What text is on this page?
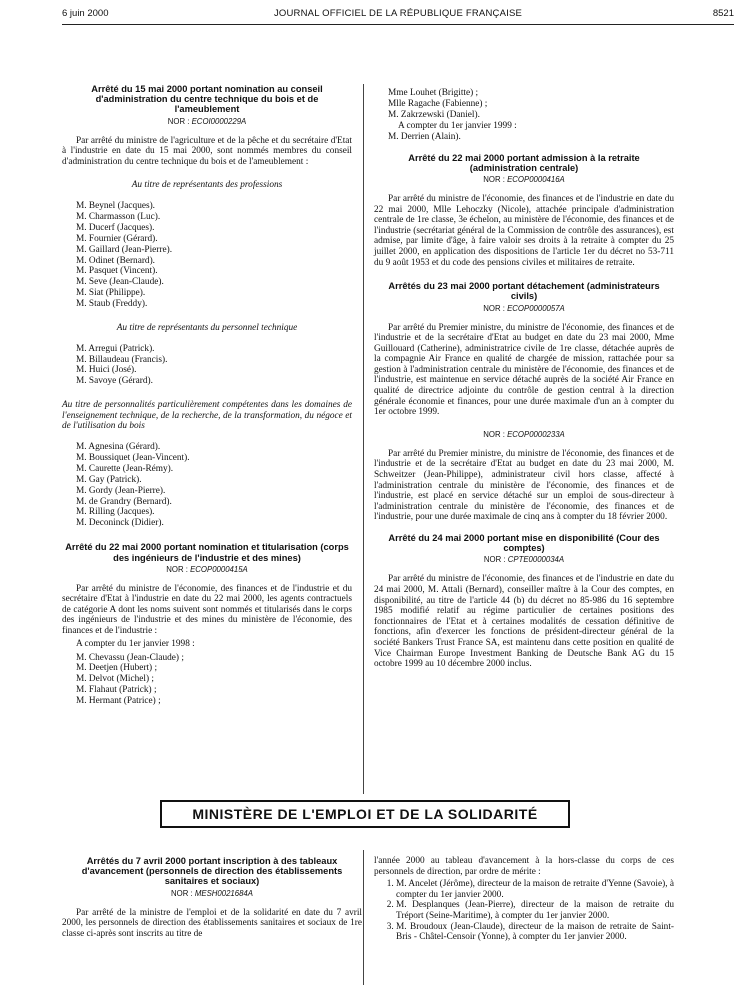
6 juin 2000	JOURNAL OFFICIEL DE LA RÉPUBLIQUE FRANÇAISE	8521
Arrêté du 15 mai 2000 portant nomination au conseil d'administration du centre technique du bois et de l'ameublement
NOR : ECOI0000229A

Par arrêté du ministre de l'agriculture et de la pêche et du secrétaire d'Etat à l'industrie en date du 15 mai 2000, sont nommés membres du conseil d'administration du centre technique du bois et de l'ameublement :

Au titre de représentants des professions
M. Beynel (Jacques).
M. Charmasson (Luc).
M. Ducerf (Jacques).
M. Fournier (Gérard).
M. Gaillard (Jean-Pierre).
M. Odinet (Bernard).
M. Pasquet (Vincent).
M. Seve (Jean-Claude).
M. Siat (Philippe).
M. Staub (Freddy).
Au titre de représentants du personnel technique
M. Arregui (Patrick).
M. Billaudeau (Francis).
M. Huici (José).
M. Savoye (Gérard).
Au titre de personnalités particulièrement compétentes dans les domaines de l'enseignement technique, de la recherche, de la transformation, du négoce et de l'utilisation du bois
M. Agnesina (Gérard).
M. Boussiquet (Jean-Vincent).
M. Caurette (Jean-Rémy).
M. Gay (Patrick).
M. Gordy (Jean-Pierre).
M. de Grandry (Bernard).
M. Rilling (Jacques).
M. Deconinck (Didier).
Arrêté du 22 mai 2000 portant nomination et titularisation (corps des ingénieurs de l'industrie et des mines)
NOR : ECOP0000415A

Par arrêté du ministre de l'économie, des finances et de l'industrie et du secrétaire d'Etat à l'industrie en date du 22 mai 2000, les agents contractuels de catégorie A dont les noms suivent sont nommés et titularisés dans le corps des ingénieurs de l'industrie et des mines du ministère de l'économie, des finances et de l'industrie :

A compter du 1er janvier 1998 :
M. Chevassu (Jean-Claude) ;
M. Deetjen (Hubert) ;
M. Delvot (Michel) ;
M. Flahaut (Patrick) ;
M. Hermant (Patrice) ;
Mme Louhet (Brigitte) ;
Mlle Ragache (Fabienne) ;
M. Zakrzewski (Daniel).
A compter du 1er janvier 1999 :
M. Derrien (Alain).
Arrêté du 22 mai 2000 portant admission à la retraite (administration centrale)
NOR : ECOP0000416A

Par arrêté du ministre de l'économie, des finances et de l'industrie en date du 22 mai 2000, Mlle Lehoczky (Nicole), attachée principale d'administration centrale de 1re classe, 3e échelon, au ministère de l'économie, des finances et de l'industrie (secrétariat général de la Commission de contrôle des assurances), est admise, par limite d'âge, à faire valoir ses droits à la retraite à compter du 25 juillet 2000, en application des dispositions de l'article 1er du décret no 53-711 du 9 août 1953 et du code des pensions civiles et militaires de retraite.

Arrêtés du 23 mai 2000 portant détachement (administrateurs civils)
NOR : ECOP0000057A

Par arrêté du Premier ministre, du ministre de l'économie, des finances et de l'industrie et de la secrétaire d'Etat au budget en date du 23 mai 2000, Mme Guillouard (Catherine), administratrice civile de 1re classe, détachée auprès de la compagnie Air France en qualité de chargée de mission, rattachée pour sa gestion à l'administration centrale du ministère de l'économie, des finances et de l'industrie, est maintenue en service détaché auprès de la société Air France en qualité de directrice adjointe du contrôle de gestion central à la direction générale économie et finances, pour une durée maximale d'un an à compter du 1er octobre 1999.

NOR : ECOP0000233A

Par arrêté du Premier ministre, du ministre de l'économie, des finances et de l'industrie et de la secrétaire d'Etat au budget en date du 23 mai 2000, M. Schweitzer (Jean-Philippe), administrateur civil hors classe, affecté à l'administration centrale du ministère de l'économie, des finances et de l'industrie, est placé en service détaché sur un emploi de sous-directeur à l'administration centrale du ministère de l'économie, des finances et de l'industrie, pour une durée maximale de cinq ans à compter du 18 février 2000.

Arrêté du 24 mai 2000 portant mise en disponibilité (Cour des comptes)
NOR : CPTE0000034A

Par arrêté du ministre de l'économie, des finances et de l'industrie en date du 24 mai 2000, M. Attali (Bernard), conseiller maître à la Cour des comptes, en disponibilité, au titre de l'article 44 (b) du décret no 85-986 du 16 septembre 1985 modifié relatif au régime particulier de certaines positions des fonctionnaires de l'Etat et à certaines modalités de cessation définitive de fonctions, afin d'exercer les fonctions de président-directeur général de la société Bankers Trust France SA, est maintenu dans cette position en qualité de Vice Chairman Europe Investment Banking de Deutsche Bank AG du 15 octobre 1999 au 10 décembre 2000 inclus.

MINISTÈRE DE L'EMPLOI ET DE LA SOLIDARITÉ
Arrêtés du 7 avril 2000 portant inscription à des tableaux d'avancement (personnels de direction des établissements sanitaires et sociaux)
NOR : MESH0021684A

Par arrêté de la ministre de l'emploi et de la solidarité en date du 7 avril 2000, les personnels de direction des établissements sanitaires et sociaux de 1re classe ci-après sont inscrits au titre de

l'année 2000 au tableau d'avancement à la hors-classe du corps de ces personnels de direction, par ordre de mérite :

1. M. Ancelet (Jérôme), directeur de la maison de retraite d'Yenne (Savoie), à compter du 1er janvier 2000.
2. M. Desplanques (Jean-Pierre), directeur de la maison de retraite du Tréport (Seine-Maritime), à compter du 1er janvier 2000.
3. M. Broudoux (Jean-Claude), directeur de la maison de retraite de Saint-Bris - Châtel-Censoir (Yonne), à compter du 1er janvier 2000.
